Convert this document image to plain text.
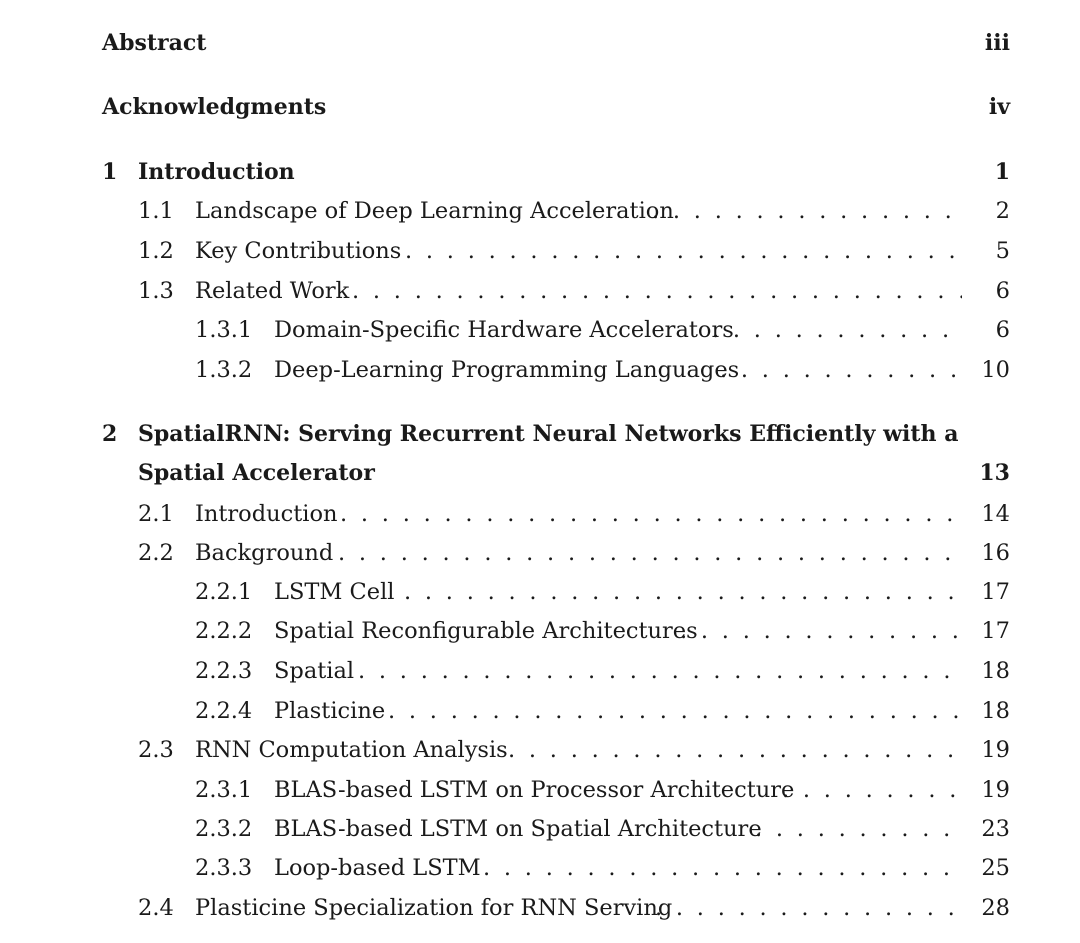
Abstract	iii
Acknowledgments	iv
1 Introduction	1
1.1 Landscape of Deep Learning Acceleration . . .	2
1.2 Key Contributions . . .	5
1.3 Related Work . . .	6
1.3.1 Domain-Specific Hardware Accelerators . . .	6
1.3.2 Deep-Learning Programming Languages . . .	10
2 SpatialRNN: Serving Recurrent Neural Networks Efficiently with a
Spatial Accelerator	13
2.1 Introduction . . .	14
2.2 Background . . .	16
2.2.1 LSTM Cell . . .	17
2.2.2 Spatial Reconfigurable Architectures . . .	17
2.2.3 Spatial . . .	18
2.2.4 Plasticine . . .	18
2.3 RNN Computation Analysis . . .	19
2.3.1 BLAS-based LSTM on Processor Architecture . . .	19
2.3.2 BLAS-based LSTM on Spatial Architecture . . .	23
2.3.3 Loop-based LSTM . . .	25
2.4 Plasticine Specialization for RNN Serving . . .	28
